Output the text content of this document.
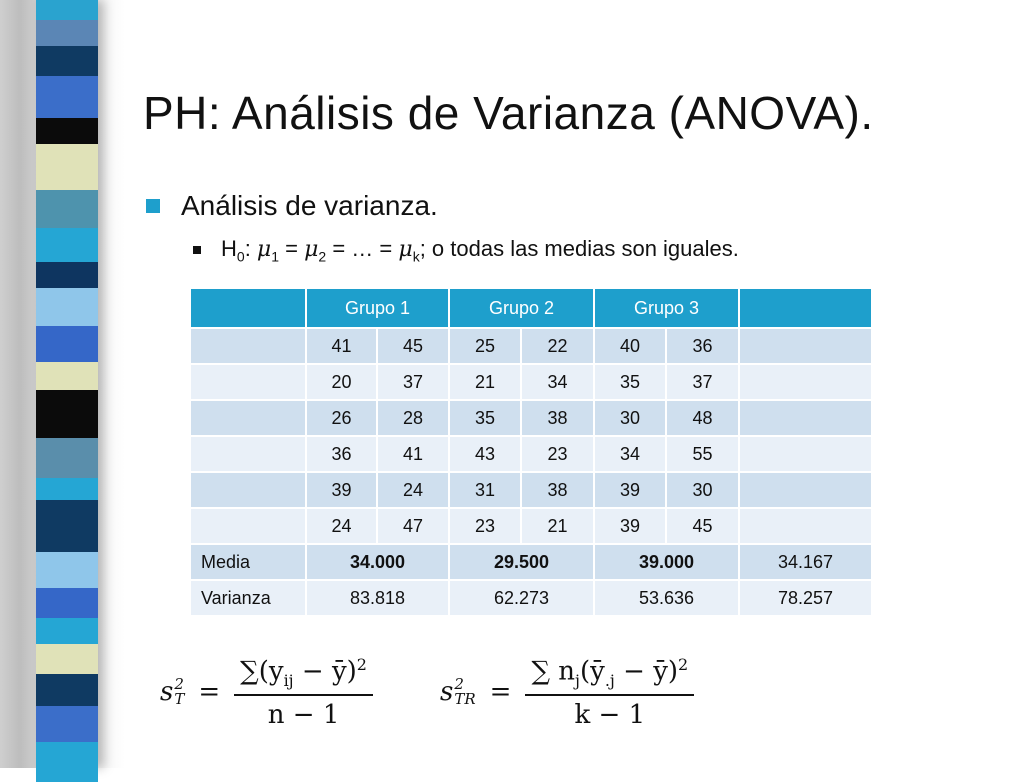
PH: Análisis de Varianza (ANOVA).
Análisis de varianza.
$H_0$: $\mu_1 = \mu_2$ = … = $\mu_k$; o todas las medias son iguales.
	Grupo 1		Grupo 2		Grupo 3		
	41	45	25	22	40	36	
	20	37	21	34	35	37	
	26	28	35	38	30	48	
	36	41	43	23	34	55	
	39	24	31	38	39	30	
	24	47	23	21	39	45	
Media	34.000		29.500		39.000		34.167
Varianza	83.818		62.273		53.636		78.257
s 2
$T = \frac{\sum(y_{ij} - ȳ)^2}{n - 1}$	s 2
TR = $\frac{\sum n_j(ȳ_{.j} - ȳ)^2}{k - 1}$
